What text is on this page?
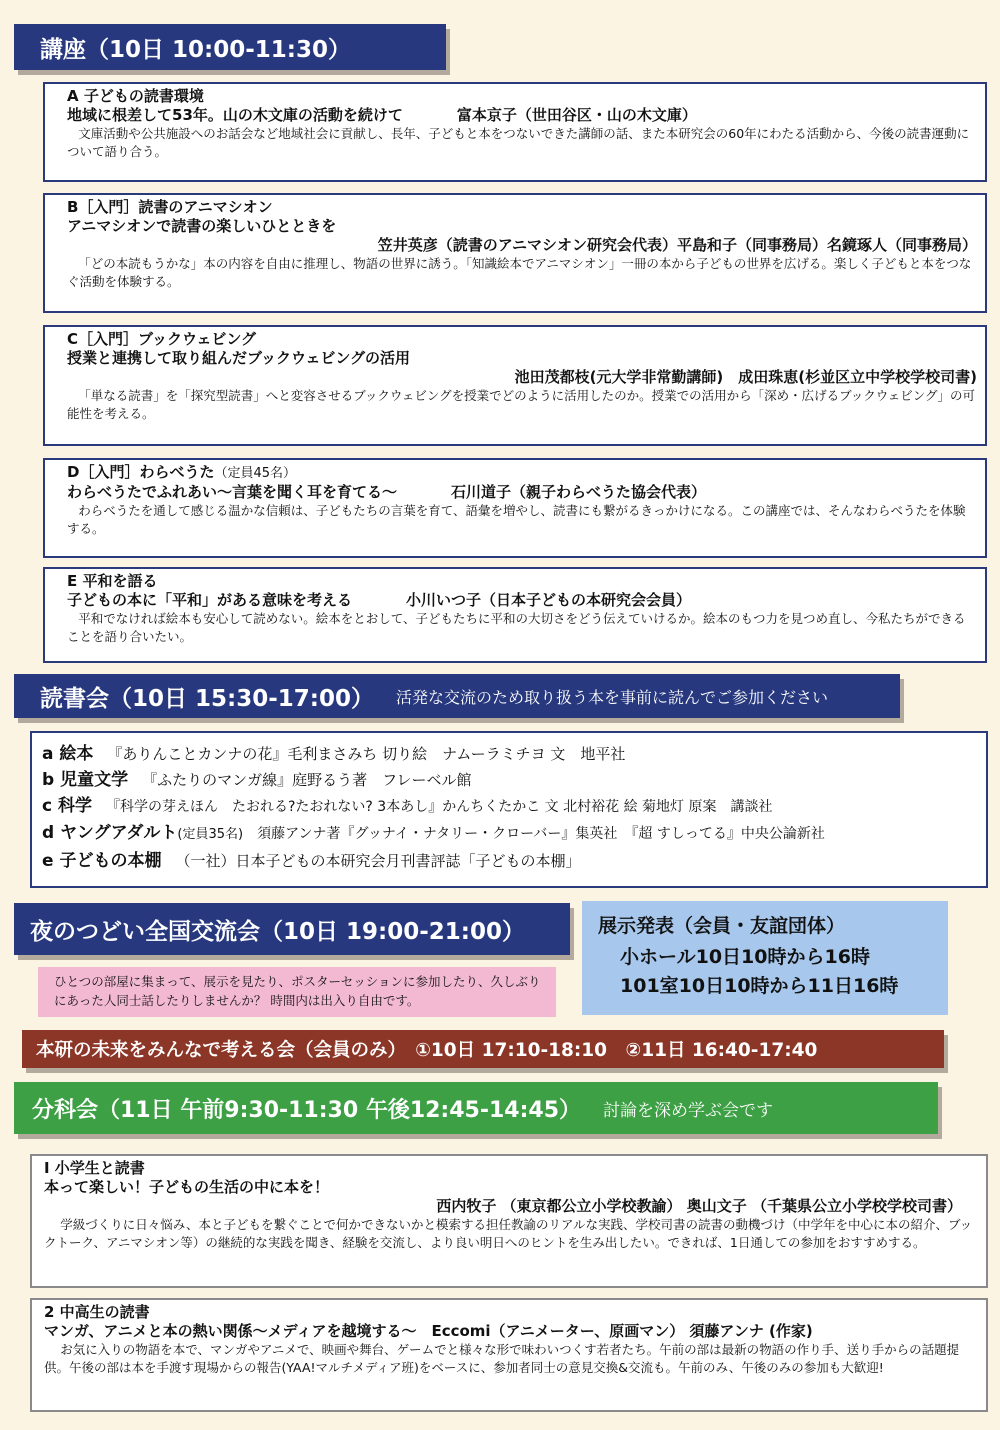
講座（10日 10:00-11:30）
A 子どもの読書環境
地域に根差して53年。山の木文庫の活動を続けて	富本京子（世田谷区・山の木文庫）
文庫活動や公共施設へのお話会など地域社会に貢献し、長年、子どもと本をつないできた講師の話、また本研究会の60年にわたる活動から、今後の読書運動について語り合う。
B［入門］読書のアニマシオン
アニマシオンで読書の楽しいひとときを
笠井英彦（読書のアニマシオン研究会代表）平島和子（同事務局）名鏡琢人（同事務局）
「どの本読もうかな」本の内容を自由に推理し、物語の世界に誘う。「知識絵本でアニマシオン」一冊の本から子どもの世界を広げる。楽しく子どもと本をつなぐ活動を体験する。
C［入門］ブックウェビング
授業と連携して取り組んだブックウェビングの活用
池田茂都枝(元大学非常勤講師)　成田珠恵(杉並区立中学校学校司書)
「単なる読書」を「探究型読書」へと変容させるブックウェビングを授業でどのように活用したのか。授業での活用から「深め・広げるブックウェビング」の可能性を考える。
D［入門］わらべうた（定員45名）
わらべうたでふれあい～言葉を聞く耳を育てる～	石川道子（親子わらべうた協会代表）
わらべうたを通して感じる温かな信頼は、子どもたちの言葉を育て、語彙を増やし、読書にも繋がるきっかけになる。この講座では、そんなわらべうたを体験する。
E 平和を語る
子どもの本に「平和」がある意味を考える	小川いつ子（日本子どもの本研究会会員）
平和でなければ絵本も安心して読めない。絵本をとおして、子どもたちに平和の大切さをどう伝えていけるか。絵本のもつ力を見つめ直し、今私たちができることを語り合いたい。
読書会（10日 15:30-17:00） 活発な交流のため取り扱う本を事前に読んでご参加ください
a 絵本 『ありんことカンナの花』毛利まさみち 切り絵　ナムーラミチヨ 文　地平社
b 児童文学 『ふたりのマンガ線』庭野るう著　フレーベル館
c 科学 『科学の芽えほん　たおれる?たおれない? 3本あし』かんちくたかこ 文 北村裕花 絵 菊地灯 原案　講談社
d ヤングアダルト(定員35名) 須藤アンナ著『グッナイ・ナタリー・クローバー』集英社　『超 すしってる』中央公論新社
e 子どもの本棚 （一社）日本子どもの本研究会月刊書評誌「子どもの本棚」
夜のつどい全国交流会（10日 19:00-21:00）
ひとつの部屋に集まって、展示を見たり、ポスターセッションに参加したり、久しぶりにあった人同士話したりしませんか？ 時間内は出入り自由です。
展示発表（会員・友誼団体）
小ホール10日10時から16時
101室10日10時から11日16時
本研の未来をみんなで考える会（会員のみ）　①10日 17:10-18:10　②11日 16:40-17:40
分科会（11日 午前9:30-11:30 午後12:45-14:45） 討論を深め学ぶ会です
Ⅰ 小学生と読書
本って楽しい！子どもの生活の中に本を！
西内牧子 （東京都公立小学校教諭） 奥山文子 （千葉県公立小学校学校司書）
学級づくりに日々悩み、本と子どもを繋ぐことで何かできないかと模索する担任教諭のリアルな実践、学校司書の読書の動機づけ（中学年を中心に本の紹介、ブックトーク、アニマシオン等）の継続的な実践を聞き、経験を交流し、より良い明日へのヒントを生み出したい。できれば、1日通しての参加をおすすめする。
2 中高生の読書
マンガ、アニメと本の熱い関係～メディアを越境する～　Eccomi（アニメーター、原画マン） 須藤アンナ (作家)
お気に入りの物語を本で、マンガやアニメで、映画や舞台、ゲームでと様々な形で味わいつくす若者たち。午前の部は最新の物語の作り手、送り手からの話題提供。午後の部は本を手渡す現場からの報告(YAA!マルチメディア班)をベースに、参加者同士の意見交換&交流も。午前のみ、午後のみの参加も大歓迎!
